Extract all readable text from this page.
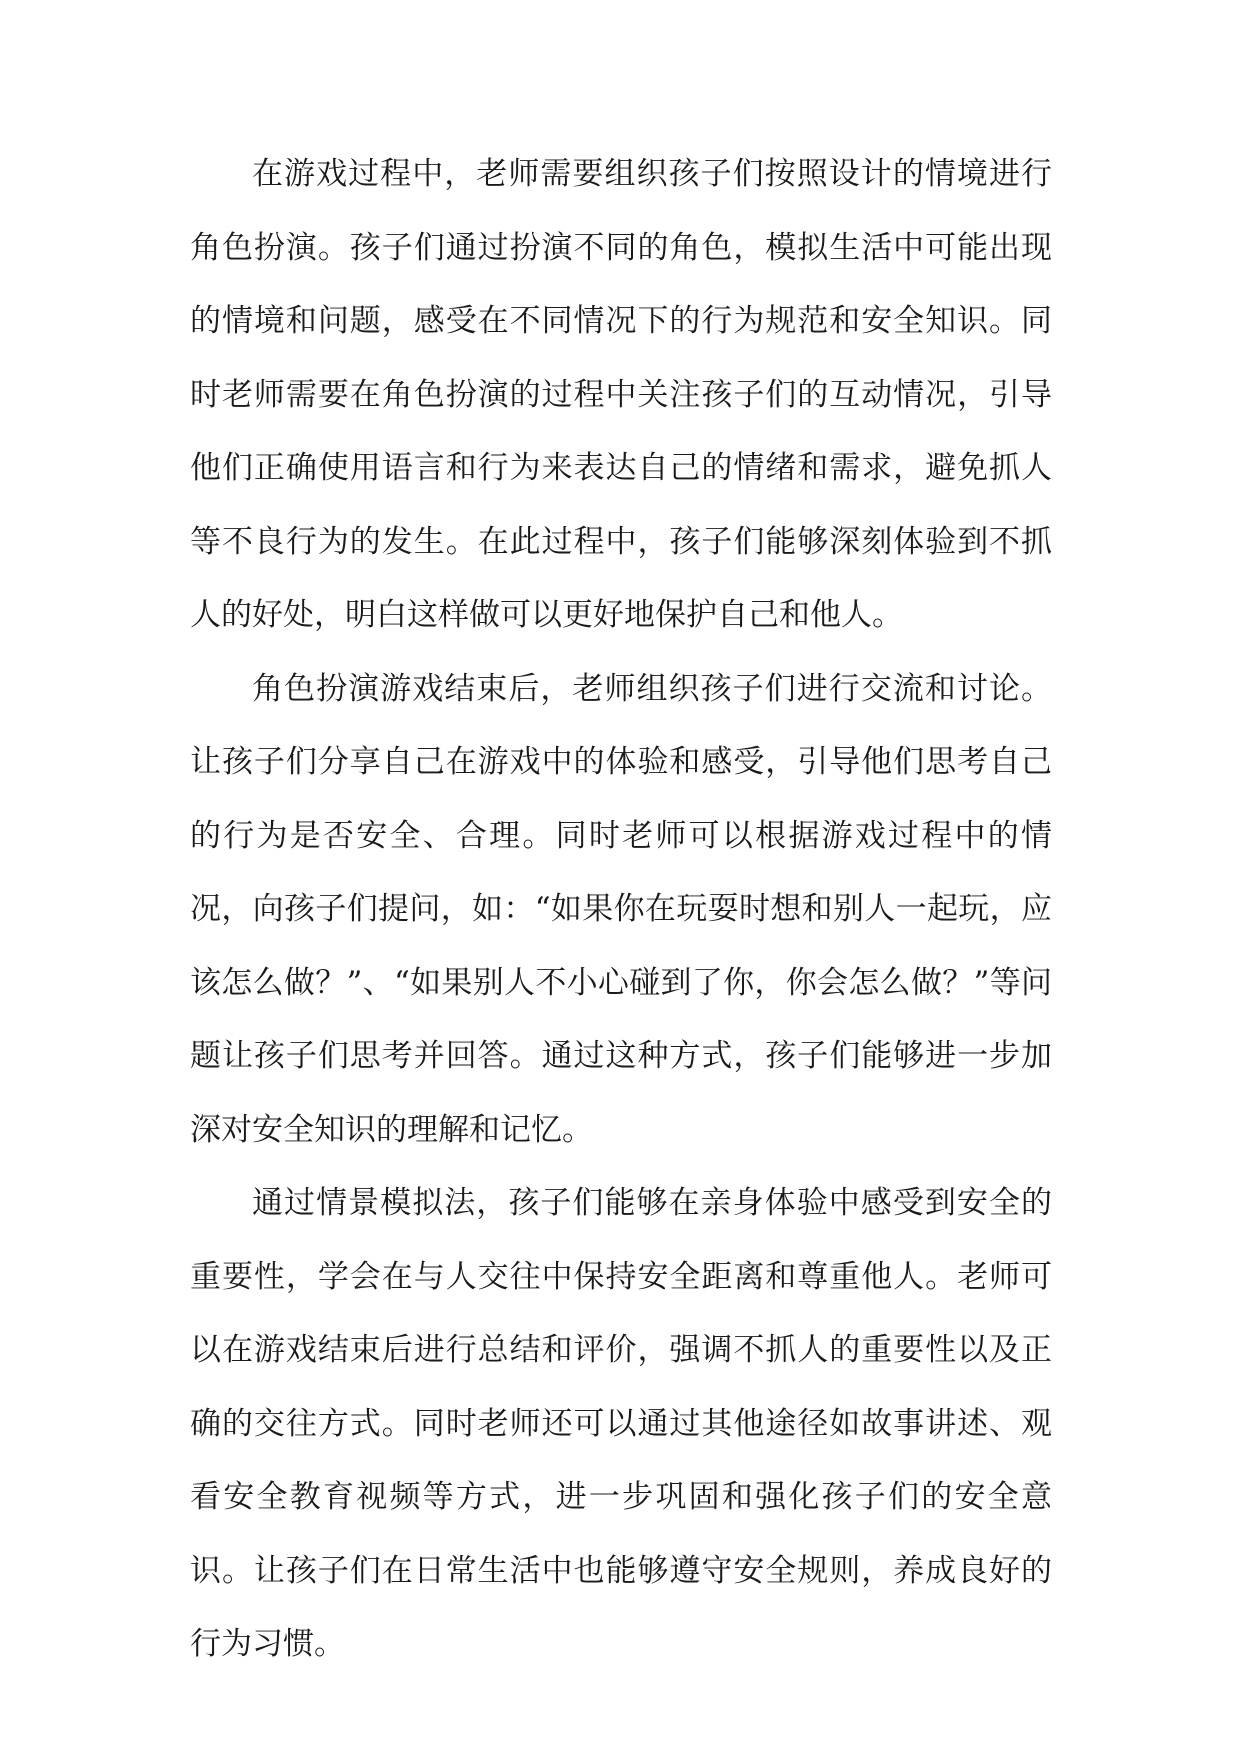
在游戏过程中，老师需要组织孩子们按照设计的情境进行角色扮演。孩子们通过扮演不同的角色，模拟生活中可能出现的情境和问题，感受在不同情况下的行为规范和安全知识。同时老师需要在角色扮演的过程中关注孩子们的互动情况，引导他们正确使用语言和行为来表达自己的情绪和需求，避免抓人等不良行为的发生。在此过程中，孩子们能够深刻体验到不抓人的好处，明白这样做可以更好地保护自己和他人。

角色扮演游戏结束后，老师组织孩子们进行交流和讨论。让孩子们分享自己在游戏中的体验和感受，引导他们思考自己的行为是否安全、合理。同时老师可以根据游戏过程中的情况，向孩子们提问，如：“如果你在玩耍时想和别人一起玩，应该怎么做？”、“如果别人不小心碰到了你，你会怎么做？”等问题让孩子们思考并回答。通过这种方式，孩子们能够进一步加深对安全知识的理解和记忆。

通过情景模拟法，孩子们能够在亲身体验中感受到安全的重要性，学会在与人交往中保持安全距离和尊重他人。老师可以在游戏结束后进行总结和评价，强调不抓人的重要性以及正确的交往方式。同时老师还可以通过其他途径如故事讲述、观看安全教育视频等方式，进一步巩固和强化孩子们的安全意识。让孩子们在日常生活中也能够遵守安全规则，养成良好的行为习惯。
